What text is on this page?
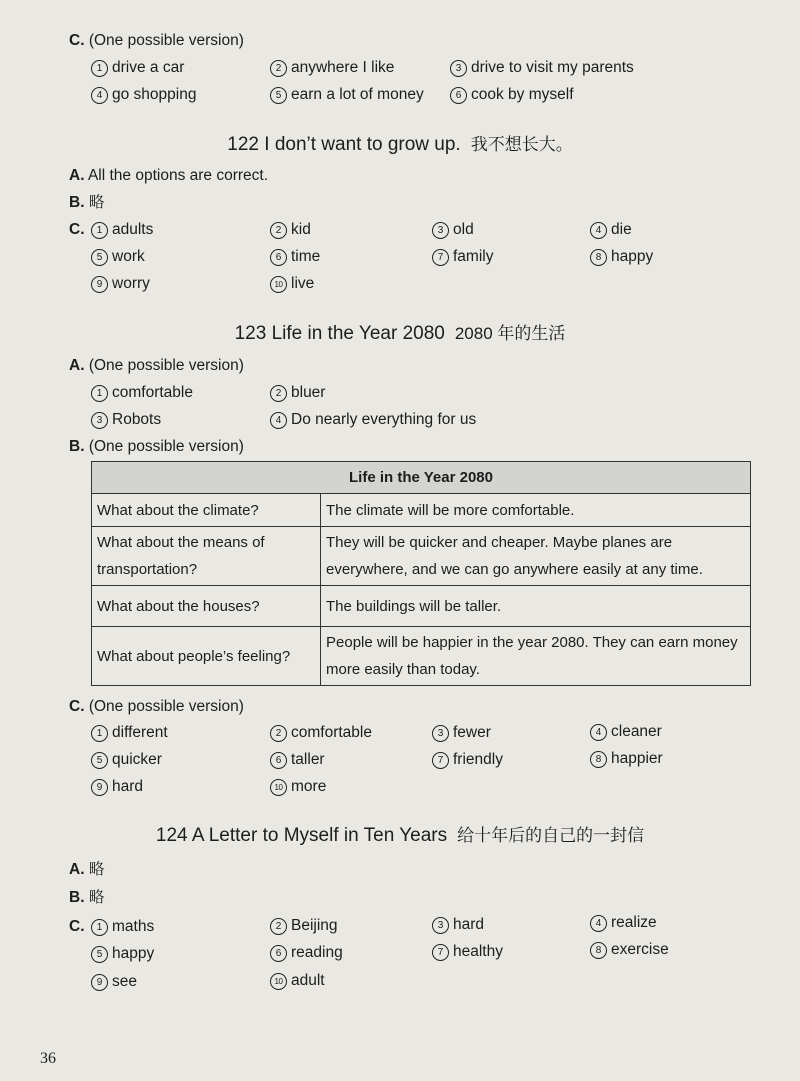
C. (One possible version)
1 drive a car	2 anywhere I like	3 drive to visit my parents
4 go shopping	5 earn a lot of money	6 cook by myself
122 I don’t want to grow up. 我不想长大。
A. All the options are correct.
B. 略
C.	1 adults	2 kid	3 old	4 die
5 work	6 time	7 family	8 happy
9 worry	10 live
123 Life in the Year 2080 2080 年的生活
A. (One possible version)
1 comfortable	2 bluer
3 Robots	4 Do nearly everything for us
B. (One possible version)
Life in the Year 2080	
What about the climate?	The climate will be more comfortable.
What about the means of transportation?	They will be quicker and cheaper. Maybe planes are everywhere, and we can go anywhere easily at any time.
What about the houses?	The buildings will be taller.
What about people’s feeling?	People will be happier in the year 2080. They can earn money more easily than today.
C. (One possible version)
1 different	2 comfortable	3 fewer	4 cleaner
5 quicker	6 taller	7 friendly	8 happier
9 hard	10 more
124 A Letter to Myself in Ten Years 给十年后的自己的一封信
A. 略
B. 略
C.	1 maths	2 Beijing	3 hard	4 realize
5 happy	6 reading	7 healthy	8 exercise
9 see	10 adult
36
